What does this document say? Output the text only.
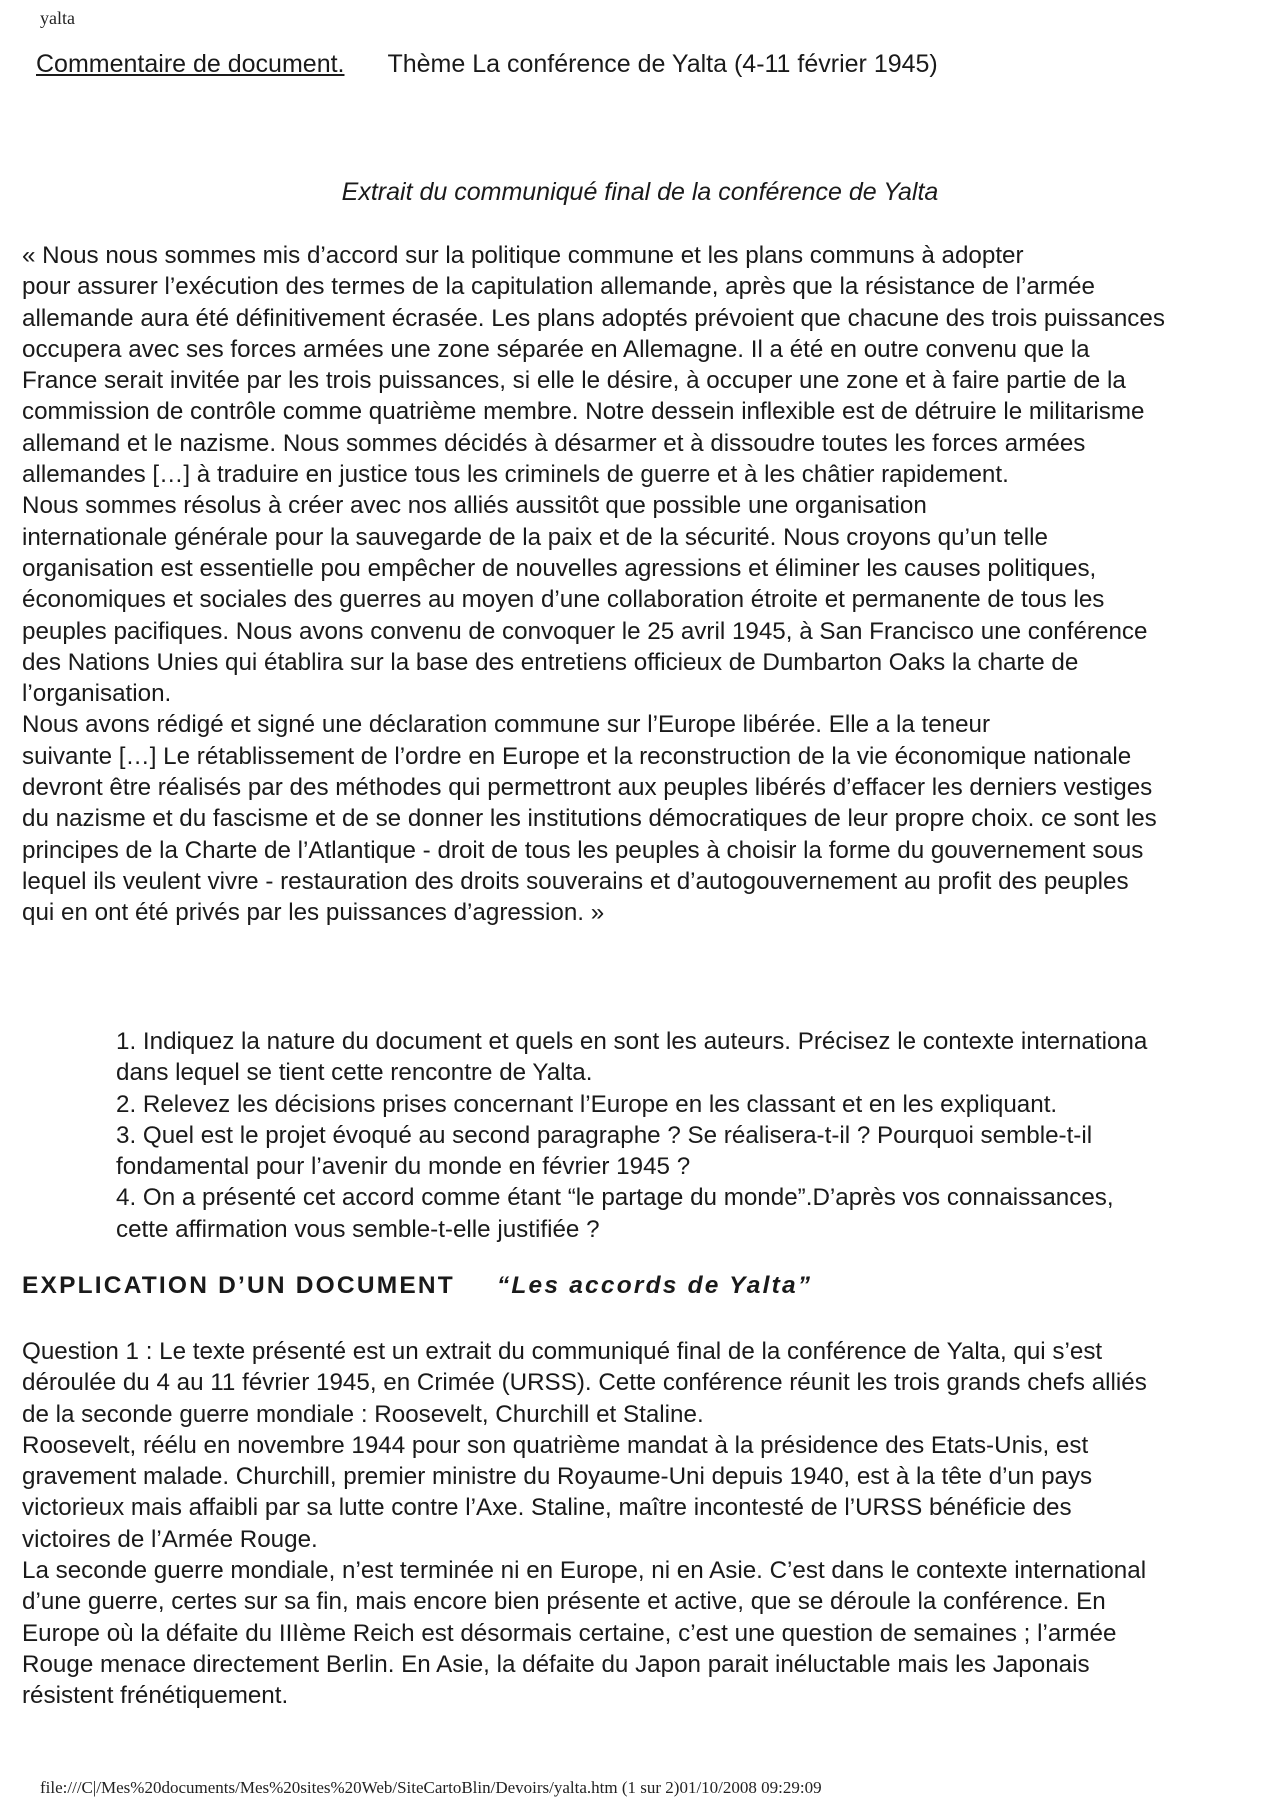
yalta
Commentaire de document. Thème La conférence de Yalta (4-11 février 1945)
Extrait du communiqué final de la conférence de Yalta

« Nous nous sommes mis d’accord sur la politique commune et les plans communs à adopter
pour assurer l’exécution des termes de la capitulation allemande, après que la résistance de l’armée
allemande aura été définitivement écrasée. Les plans adoptés prévoient que chacune des trois puissances
occupera avec ses forces armées une zone séparée en Allemagne. Il a été en outre convenu que la
France serait invitée par les trois puissances, si elle le désire, à occuper une zone et à faire partie de la
commission de contrôle comme quatrième membre. Notre dessein inflexible est de détruire le militarisme
allemand et le nazisme. Nous sommes décidés à désarmer et à dissoudre toutes les forces armées
allemandes […] à traduire en justice tous les criminels de guerre et à les châtier rapidement.

Nous sommes résolus à créer avec nos alliés aussitôt que possible une organisation
internationale générale pour la sauvegarde de la paix et de la sécurité. Nous croyons qu’un telle
organisation est essentielle pou empêcher de nouvelles agressions et éliminer les causes politiques,
économiques et sociales des guerres au moyen d’une collaboration étroite et permanente de tous les
peuples pacifiques. Nous avons convenu de convoquer le 25 avril 1945, à San Francisco une conférence
des Nations Unies qui établira sur la base des entretiens officieux de Dumbarton Oaks la charte de
l’organisation.

Nous avons rédigé et signé une déclaration commune sur l’Europe libérée. Elle a la teneur
suivante […] Le rétablissement de l’ordre en Europe et la reconstruction de la vie économique nationale
devront être réalisés par des méthodes qui permettront aux peuples libérés d’effacer les derniers vestiges
du nazisme et du fascisme et de se donner les institutions démocratiques de leur propre choix. ce sont les
principes de la Charte de l’Atlantique - droit de tous les peuples à choisir la forme du gouvernement sous
lequel ils veulent vivre - restauration des droits souverains et d’autogouvernement au profit des peuples
qui en ont été privés par les puissances d’agression. »

1. Indiquez la nature du document et quels en sont les auteurs. Précisez le contexte internationa
dans lequel se tient cette rencontre de Yalta.

2. Relevez les décisions prises concernant l’Europe en les classant et en les expliquant.

3. Quel est le projet évoqué au second paragraphe ? Se réalisera-t-il ? Pourquoi semble-t-il
fondamental pour l’avenir du monde en février 1945 ?

4. On a présenté cet accord comme étant “le partage du monde”.D’après vos connaissances,
cette affirmation vous semble-t-elle justifiée ?

EXPLICATION D’UN DOCUMENT “Les accords de Yalta”

Question 1 : Le texte présenté est un extrait du communiqué final de la conférence de Yalta, qui s’est
déroulée du 4 au 11 février 1945, en Crimée (URSS). Cette conférence réunit les trois grands chefs alliés
de la seconde guerre mondiale : Roosevelt, Churchill et Staline.

Roosevelt, réélu en novembre 1944 pour son quatrième mandat à la présidence des Etats-Unis, est
gravement malade. Churchill, premier ministre du Royaume-Uni depuis 1940, est à la tête d’un pays
victorieux mais affaibli par sa lutte contre l’Axe. Staline, maître incontesté de l’URSS bénéficie des
victoires de l’Armée Rouge.

La seconde guerre mondiale, n’est terminée ni en Europe, ni en Asie. C’est dans le contexte international
d’une guerre, certes sur sa fin, mais encore bien présente et active, que se déroule la conférence. En
Europe où la défaite du IIIème Reich est désormais certaine, c’est une question de semaines ; l’armée
Rouge menace directement Berlin. En Asie, la défaite du Japon parait inéluctable mais les Japonais
résistent frénétiquement.

file:///C|/Mes%20documents/Mes%20sites%20Web/SiteCartoBlin/Devoirs/yalta.htm (1 sur 2)01/10/2008 09:29:09
